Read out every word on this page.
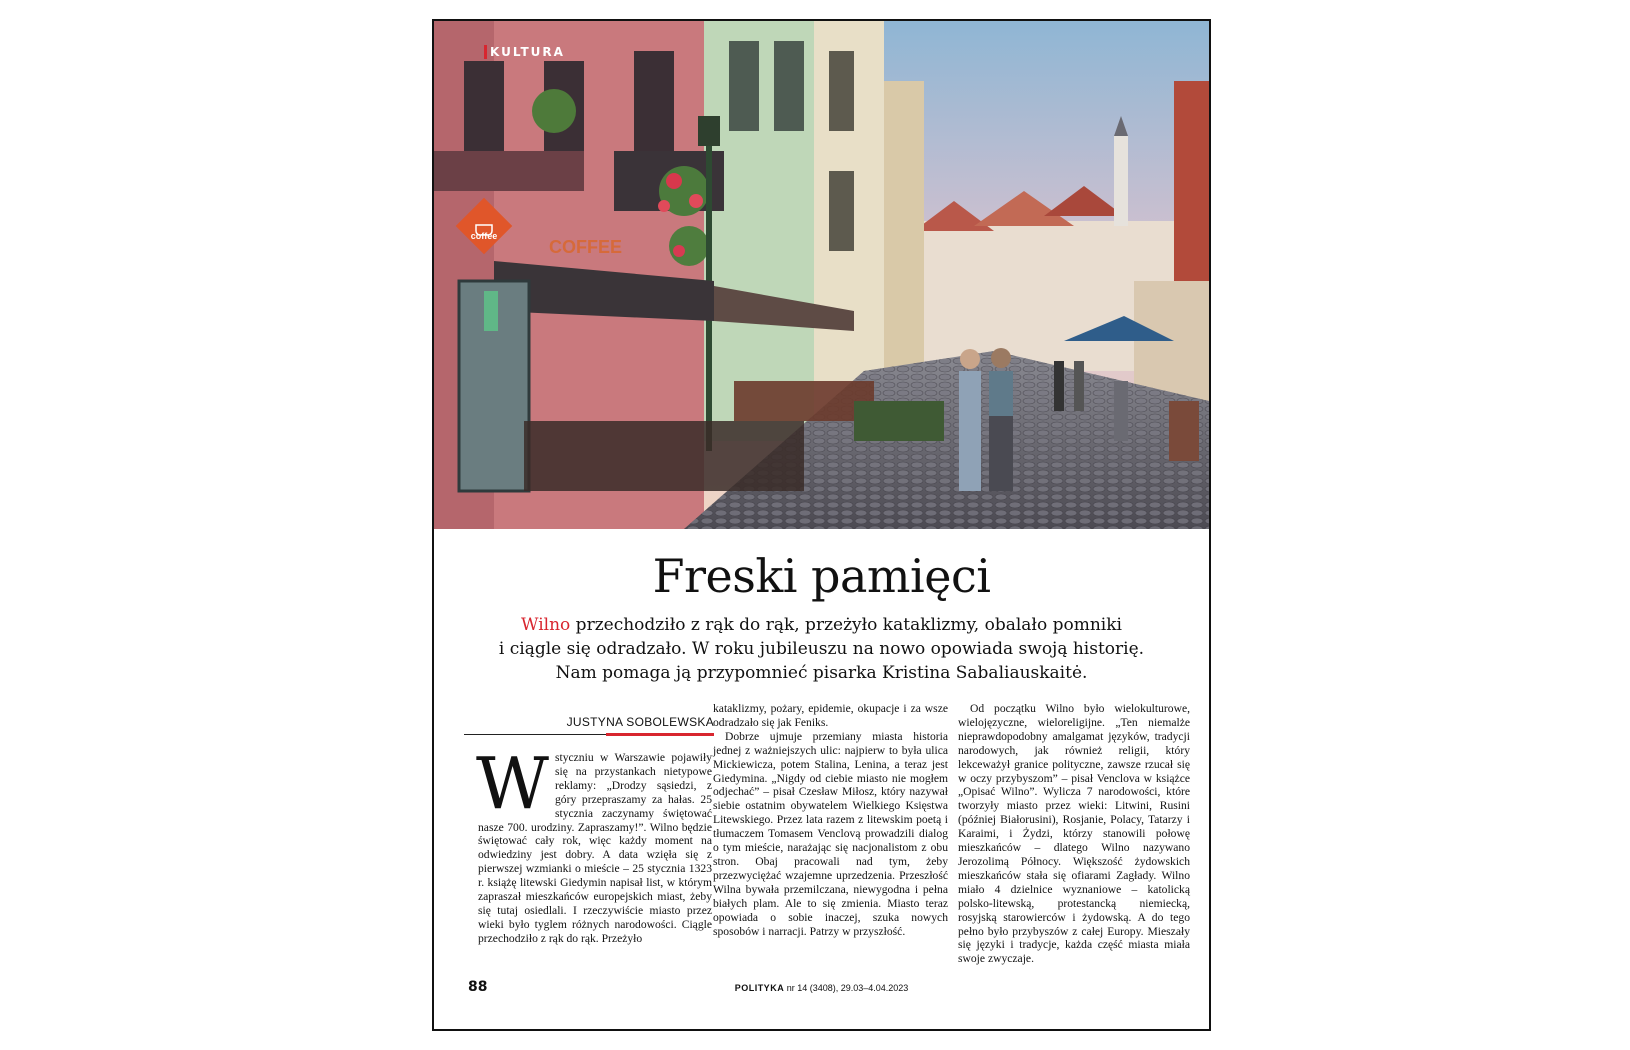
coffee
COFFEE
KULTURA
Freski pamięci
Wilno przechodziło z rąk do rąk, przeżyło kataklizmy, obalało pomniki
i ciągle się odradzało. W roku jubileuszu na nowo opowiada swoją historię.
Nam pomaga ją przypomnieć pisarka Kristina Sabaliauskaitė.
JUSTYNA SOBOLEWSKA
Wstyczniu w Warszawie pojawiły się na przystankach nietypowe reklamy: „Drodzy sąsiedzi, z góry przepraszamy za hałas. 25 stycznia zaczynamy świętować nasze 700. urodziny. Zapraszamy!”. Wilno będzie świętować cały rok, więc każdy moment na odwiedziny jest dobry. A data wzięła się z pierwszej wzmianki o mieście – 25 stycznia 1323 r. książę litewski Giedymin napisał list, w którym zapraszał mieszkańców europejskich miast, żeby się tutaj osiedlali. I rzeczywiście miasto przez wieki było tyglem różnych narodowości. Ciągle przechodziło z rąk do rąk. Przeżyło
kataklizmy, pożary, epidemie, okupacje i za wsze odradzało się jak Feniks.
Dobrze ujmuje przemiany miasta historia jednej z ważniejszych ulic: najpierw to była ulica Mickiewicza, potem Stalina, Lenina, a teraz jest Giedymina. „Nigdy od ciebie miasto nie mogłem odjechać” – pisał Czesław Miłosz, który nazywał siebie ostatnim obywatelem Wielkiego Księstwa Litewskiego. Przez lata razem z litewskim poetą i tłumaczem Tomasem Venclovą prowadzili dialog o tym mieście, narażając się nacjonalistom z obu stron. Obaj pracowali nad tym, żeby przezwyciężać wzajemne uprzedzenia. Przeszłość Wilna bywała przemilczana, niewygodna i pełna białych plam. Ale to się zmienia. Miasto teraz opowiada o sobie inaczej, szuka nowych sposobów i narracji. Patrzy w przyszłość.
Od początku Wilno było wielokulturowe, wielojęzyczne, wieloreligijne. „Ten niemalże nieprawdopodobny amalgamat języków, tradycji narodowych, jak również religii, który lekceważył granice polityczne, zawsze rzucał się w oczy przybyszom” – pisał Venclova w książce „Opisać Wilno”. Wylicza 7 narodowości, które tworzyły miasto przez wieki: Litwini, Rusini (później Białorusini), Rosjanie, Polacy, Tatarzy i Karaimi, i Żydzi, którzy stanowili połowę mieszkańców – dlatego Wilno nazywano Jerozolimą Północy. Większość żydowskich mieszkańców stała się ofiarami Zagłady. Wilno miało 4 dzielnice wyznaniowe – katolicką polsko-litewską, protestancką niemiecką, rosyjską starowierców i żydowską. A do tego pełno było przybyszów z całej Europy. Mieszały się języki i tradycje, każda część miasta miała swoje zwyczaje.
88	POLITYKA nr 14 (3408), 29.03–4.04.2023
